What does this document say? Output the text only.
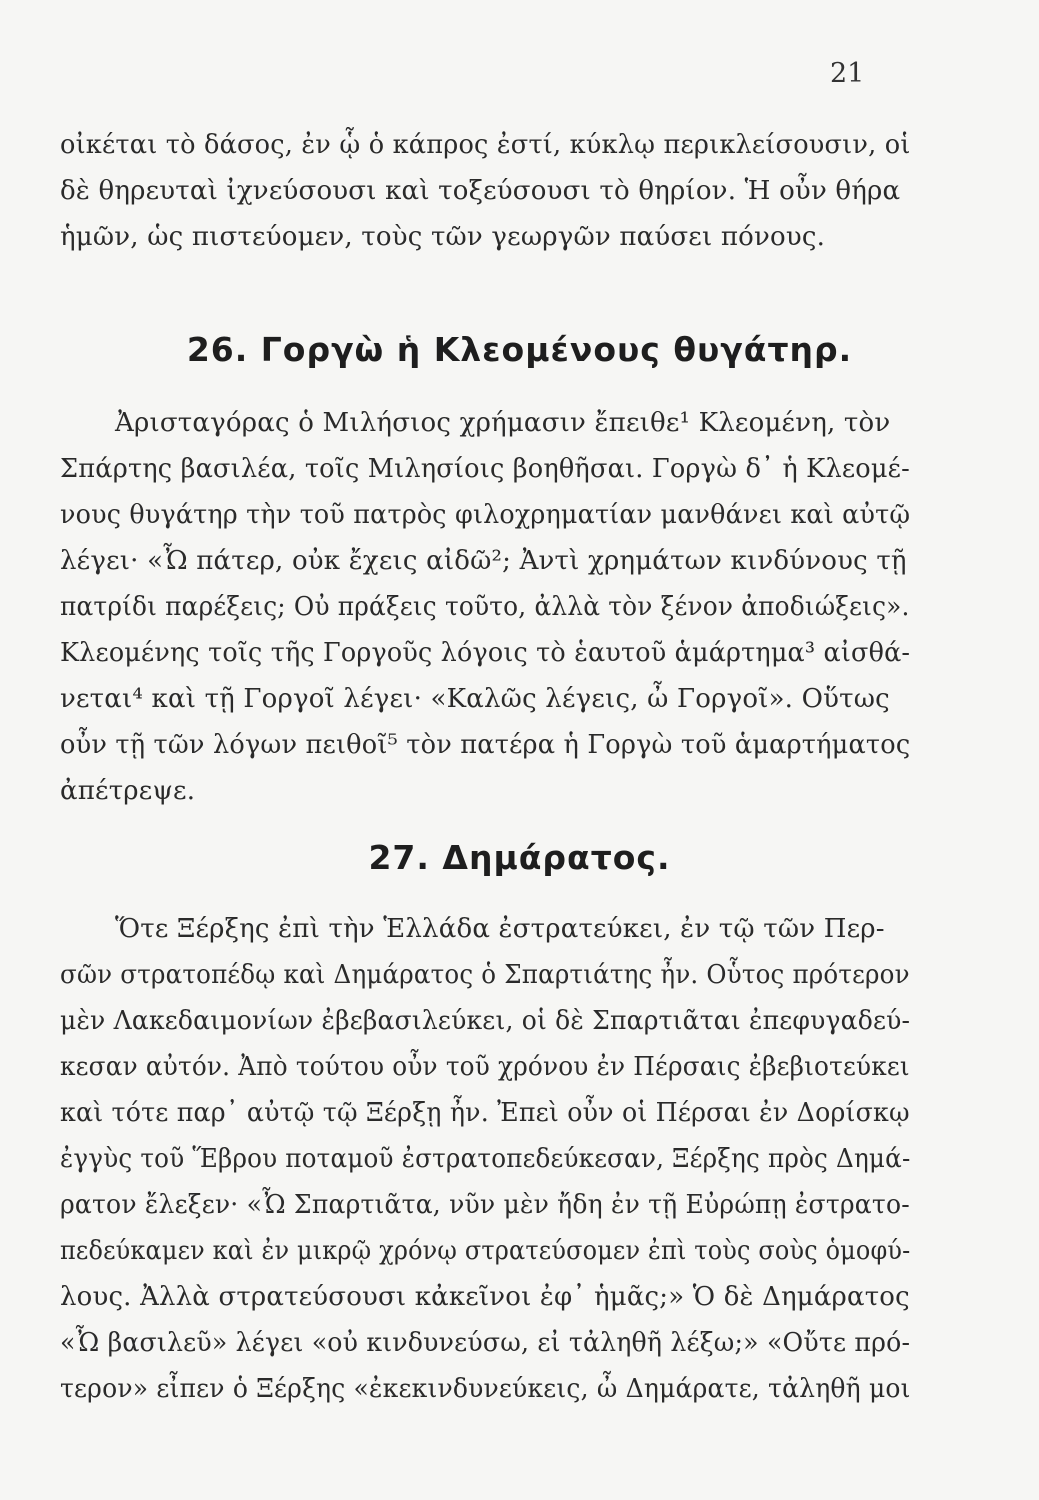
21
οἰκέται τὸ δάσος, ἐν ᾧ ὁ κάπρος ἐστί, κύκλῳ περικλείσουσιν, οἱ
δὲ θηρευταὶ ἰχνεύσουσι καὶ τοξεύσουσι τὸ θηρίον. Ἡ οὖν θήρα
ἡμῶν, ὡς πιστεύομεν, τοὺς τῶν γεωργῶν παύσει πόνους.
26. Γοργὼ ἡ Κλεομένους θυγάτηρ.
Ἀρισταγόρας ὁ Μιλήσιος χρήμασιν ἔπειθε¹ Κλεομένη, τὸν
Σπάρτης βασιλέα, τοῖς Μιλησίοις βοηθῆσαι. Γοργὼ δ᾽ ἡ Κλεομέ-
νους θυγάτηρ τὴν τοῦ πατρὸς φιλοχρηματίαν μανθάνει καὶ αὐτῷ
λέγει· «Ὦ πάτερ, οὐκ ἔχεις αἰδῶ²; Ἀντὶ χρημάτων κινδύνους τῇ
πατρίδι παρέξεις; Οὐ πράξεις τοῦτο, ἀλλὰ τὸν ξένον ἀποδιώξεις».
Κλεομένης τοῖς τῆς Γοργοῦς λόγοις τὸ ἑαυτοῦ ἁμάρτημα³ αἰσθά-
νεται⁴ καὶ τῇ Γοργοῖ λέγει· «Καλῶς λέγεις, ὦ Γοργοῖ». Οὕτως
οὖν τῇ τῶν λόγων πειθοῖ⁵ τὸν πατέρα ἡ Γοργὼ τοῦ ἁμαρτήματος
ἀπέτρεψε.
27. Δημάρατος.
Ὅτε Ξέρξης ἐπὶ τὴν Ἑλλάδα ἐστρατεύκει, ἐν τῷ τῶν Περ-
σῶν στρατοπέδῳ καὶ Δημάρατος ὁ Σπαρτιάτης ἦν. Οὗτος πρότερον
μὲν Λακεδαιμονίων ἐβεβασιλεύκει, οἱ δὲ Σπαρτιᾶται ἐπεφυγαδεύ-
κεσαν αὐτόν. Ἀπὸ τούτου οὖν τοῦ χρόνου ἐν Πέρσαις ἐβεβιοτεύκει
καὶ τότε παρ᾽ αὐτῷ τῷ Ξέρξῃ ἦν. Ἐπεὶ οὖν οἱ Πέρσαι ἐν Δορίσκῳ
ἐγγὺς τοῦ Ἕβρου ποταμοῦ ἐστρατοπεδεύκεσαν, Ξέρξης πρὸς Δημά-
ρατον ἔλεξεν· «Ὦ Σπαρτιᾶτα, νῦν μὲν ἤδη ἐν τῇ Εὐρώπῃ ἐστρατο-
πεδεύκαμεν καὶ ἐν μικρῷ χρόνῳ στρατεύσομεν ἐπὶ τοὺς σοὺς ὁμοφύ-
λους. Ἀλλὰ στρατεύσουσι κἀκεῖνοι ἐφ᾽ ἡμᾶς;» Ὁ δὲ Δημάρατος
«Ὦ βασιλεῦ» λέγει «οὐ κινδυνεύσω, εἰ τἀληθῆ λέξω;» «Οὔτε πρό-
τερον» εἶπεν ὁ Ξέρξης «ἐκεκινδυνεύκεις, ὦ Δημάρατε, τἀληθῆ μοι
